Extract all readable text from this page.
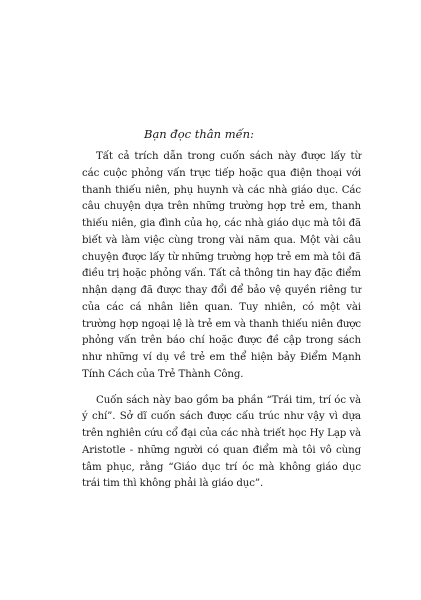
Bạn đọc thân mến:

Tất cả trích dẫn trong cuốn sách này được lấy từ các cuộc phỏng vấn trực tiếp hoặc qua điện thoại với thanh thiếu niên, phụ huynh và các nhà giáo dục. Các câu chuyện dựa trên những trường hợp trẻ em, thanh thiếu niên, gia đình của họ, các nhà giáo dục mà tôi đã biết và làm việc cùng trong vài năm qua. Một vài câu chuyện được lấy từ những trường hợp trẻ em mà tôi đã điều trị hoặc phỏng vấn. Tất cả thông tin hay đặc điểm nhận dạng đã được thay đổi để bảo vệ quyền riêng tư của các cá nhân liên quan. Tuy nhiên, có một vài trường hợp ngoại lệ là trẻ em và thanh thiếu niên được phỏng vấn trên báo chí hoặc được đề cập trong sách như những ví dụ về trẻ em thể hiện bảy Điểm Mạnh Tính Cách của Trẻ Thành Công.

Cuốn sách này bao gồm ba phần “Trái tim, trí óc và ý chí”. Sở dĩ cuốn sách được cấu trúc như vậy vì dựa trên nghiên cứu cổ đại của các nhà triết học Hy Lạp và Aristotle - những người có quan điểm mà tôi vô cùng tâm phục, rằng “Giáo dục trí óc mà không giáo dục trái tim thì không phải là giáo dục”.
